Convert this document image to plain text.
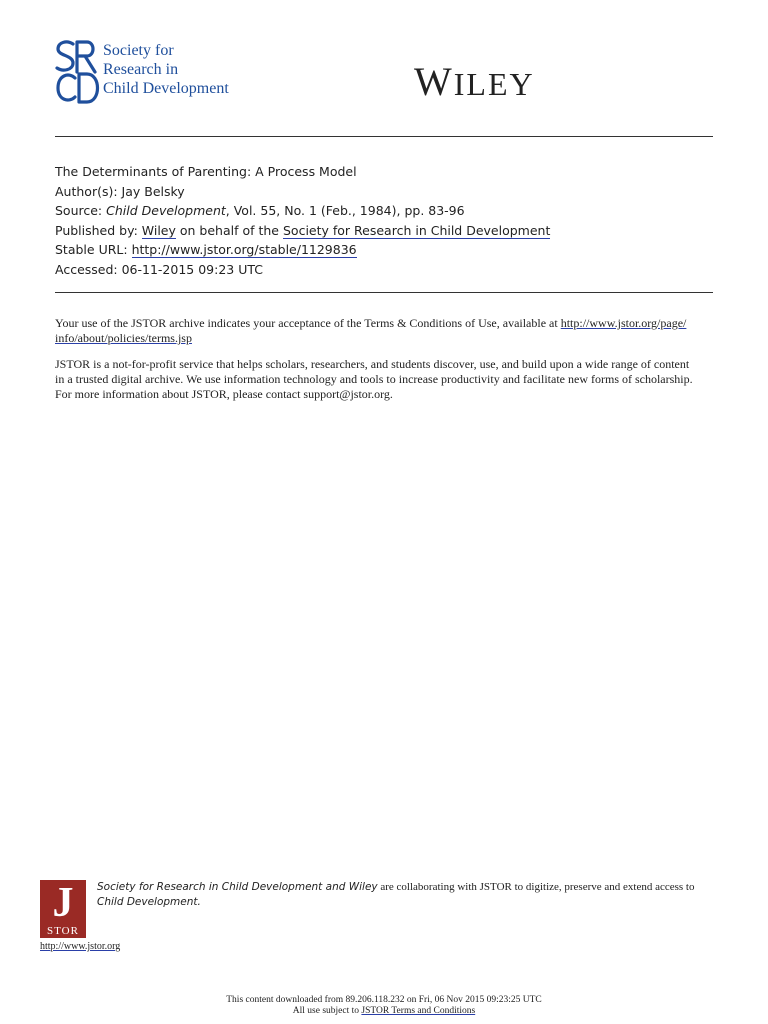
Society for
Research in
Child Development	WILEY
The Determinants of Parenting: A Process Model
Author(s): Jay Belsky
Source: Child Development, Vol. 55, No. 1 (Feb., 1984), pp. 83-96
Published by: Wiley on behalf of the Society for Research in Child Development
Stable URL: http://www.jstor.org/stable/1129836
Accessed: 06-11-2015 09:23 UTC
Your use of the JSTOR archive indicates your acceptance of the Terms & Conditions of Use, available at http://www.jstor.org/page/
info/about/policies/terms.jsp
JSTOR is a not-for-profit service that helps scholars, researchers, and students discover, use, and build upon a wide range of content
in a trusted digital archive. We use information technology and tools to increase productivity and facilitate new forms of scholarship.
For more information about JSTOR, please contact support@jstor.org.
J
STOR
http://www.jstor.org
Society for Research in Child Development and Wiley are collaborating with JSTOR to digitize, preserve and extend access to
Child Development.
This content downloaded from 89.206.118.232 on Fri, 06 Nov 2015 09:23:25 UTC
All use subject to JSTOR Terms and Conditions
